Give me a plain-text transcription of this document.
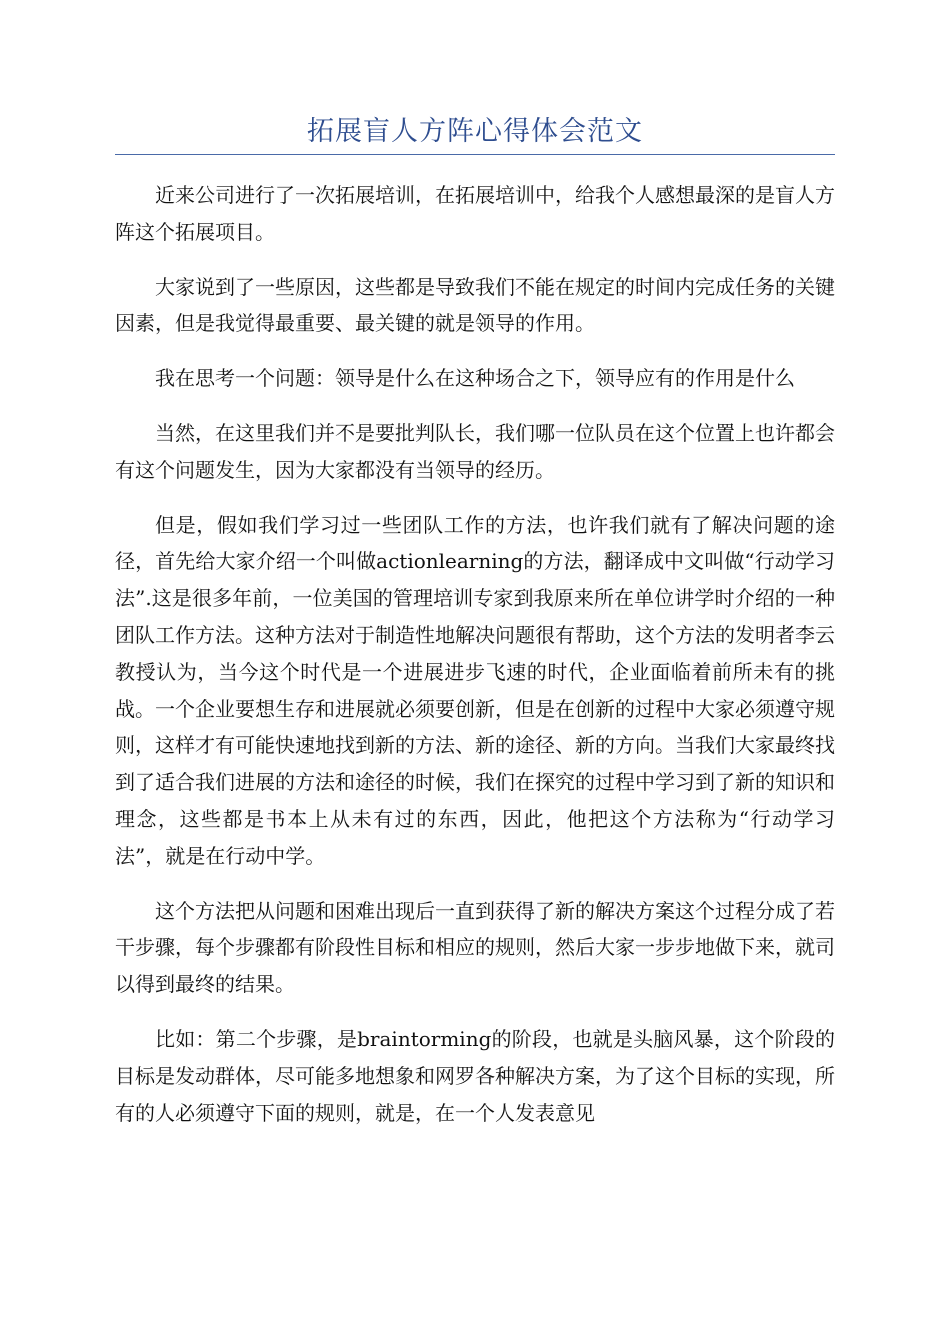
拓展盲人方阵心得体会范文

近来公司进行了一次拓展培训，在拓展培训中，给我个人感想最深的是盲人方阵这个拓展项目。

大家说到了一些原因，这些都是导致我们不能在规定的时间内完成任务的关键因素，但是我觉得最重要、最关键的就是领导的作用。

我在思考一个问题：领导是什么在这种场合之下，领导应有的作用是什么

当然，在这里我们并不是要批判队长，我们哪一位队员在这个位置上也许都会有这个问题发生，因为大家都没有当领导的经历。

但是，假如我们学习过一些团队工作的方法，也许我们就有了解决问题的途径，首先给大家介绍一个叫做actionlearning的方法，翻译成中文叫做“行动学习法”.这是很多年前，一位美国的管理培训专家到我原来所在单位讲学时介绍的一种团队工作方法。这种方法对于制造性地解决问题很有帮助，这个方法的发明者李云教授认为，当今这个时代是一个进展进步飞速的时代，企业面临着前所未有的挑战。一个企业要想生存和进展就必须要创新，但是在创新的过程中大家必须遵守规则，这样才有可能快速地找到新的方法、新的途径、新的方向。当我们大家最终找到了适合我们进展的方法和途径的时候，我们在探究的过程中学习到了新的知识和理念，这些都是书本上从未有过的东西，因此，他把这个方法称为“行动学习法”，就是在行动中学。

这个方法把从问题和困难出现后一直到获得了新的解决方案这个过程分成了若干步骤，每个步骤都有阶段性目标和相应的规则，然后大家一步步地做下来，就司以得到最终的结果。

比如：第二个步骤，是braintorming的阶段，也就是头脑风暴，这个阶段的目标是发动群体，尽可能多地想象和网罗各种解决方案，为了这个目标的实现，所有的人必须遵守下面的规则，就是，在一个人发表意见
